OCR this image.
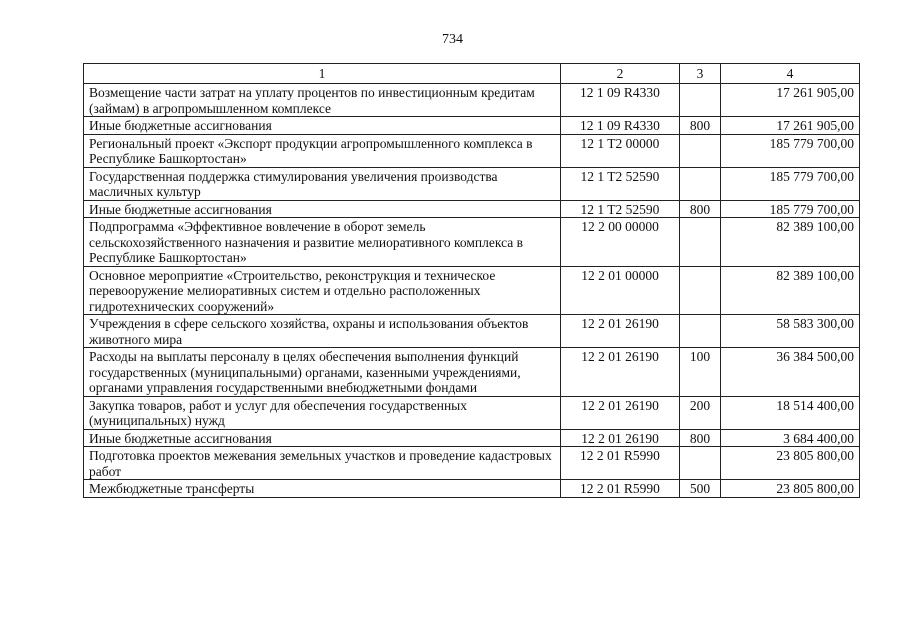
734
1	2	3	4
Возмещение части затрат на уплату процентов по инвестиционным кредитам (займам) в агропромышленном комплексе	12 1 09 R4330		17 261 905,00
Иные бюджетные ассигнования	12 1 09 R4330	800	17 261 905,00
Региональный проект «Экспорт продукции агропромышленного комплекса в Республике Башкортостан»	12 1 T2 00000		185 779 700,00
Государственная поддержка стимулирования увеличения производства масличных культур	12 1 T2 52590		185 779 700,00
Иные бюджетные ассигнования	12 1 T2 52590	800	185 779 700,00
Подпрограмма «Эффективное вовлечение в оборот земель сельскохозяйственного назначения и развитие мелиоративного комплекса в Республике Башкортостан»	12 2 00 00000		82 389 100,00
Основное мероприятие «Строительство, реконструкция и техническое перевооружение мелиоративных систем и отдельно расположенных гидротехнических сооружений»	12 2 01 00000		82 389 100,00
Учреждения в сфере сельского хозяйства, охраны и использования объектов животного мира	12 2 01 26190		58 583 300,00
Расходы на выплаты персоналу в целях обеспечения выполнения функций государственных (муниципальными) органами, казенными учреждениями, органами управления государственными внебюджетными фондами	12 2 01 26190	100	36 384 500,00
Закупка товаров, работ и услуг для обеспечения государственных (муниципальных) нужд	12 2 01 26190	200	18 514 400,00
Иные бюджетные ассигнования	12 2 01 26190	800	3 684 400,00
Подготовка проектов межевания земельных участков и проведение кадастровых работ	12 2 01 R5990		23 805 800,00
Межбюджетные трансферты	12 2 01 R5990	500	23 805 800,00
